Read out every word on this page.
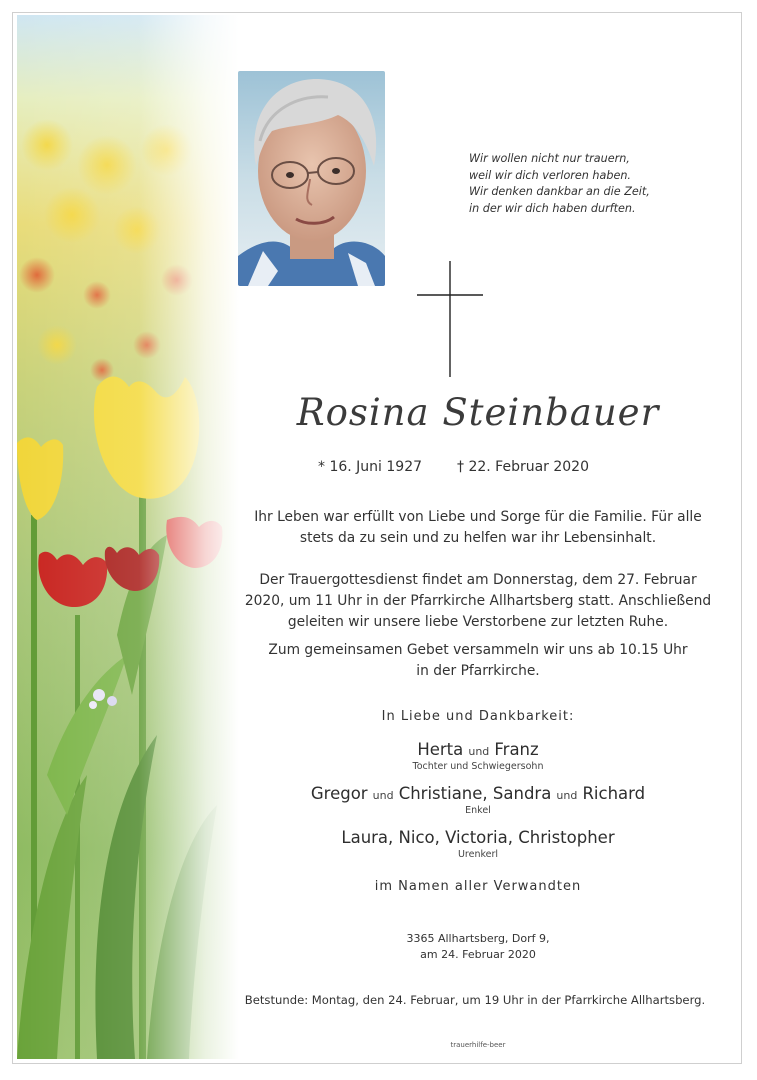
Wir wollen nicht nur trauern,
weil wir dich verloren haben.
Wir denken dankbar an die Zeit,
in der wir dich haben durften.
Rosina Steinbauer
* 16. Juni 1927 † 22. Februar 2020
Ihr Leben war erfüllt von Liebe und Sorge für die Familie. Für alle
stets da zu sein und zu helfen war ihr Lebensinhalt.
Der Trauergottesdienst findet am Donnerstag, dem 27. Februar
2020, um 11 Uhr in der Pfarrkirche Allhartsberg statt. Anschließend
geleiten wir unsere liebe Verstorbene zur letzten Ruhe.
Zum gemeinsamen Gebet versammeln wir uns ab 10.15 Uhr
in der Pfarrkirche.
In Liebe und Dankbarkeit:
Herta und Franz
Tochter und Schwiegersohn
Gregor und Christiane, Sandra und Richard
Enkel
Laura, Nico, Victoria, Christopher
Urenkerl
im Namen aller Verwandten
3365 Allhartsberg, Dorf 9,
am 24. Februar 2020
Betstunde: Montag, den 24. Februar, um 19 Uhr in der Pfarrkirche Allhartsberg.
trauerhilfe-beer
